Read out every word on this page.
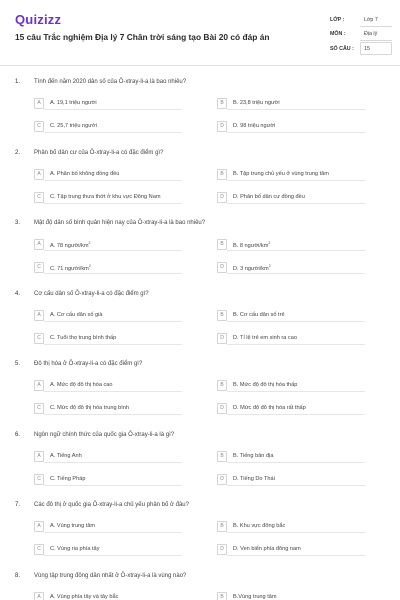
Quizizz
15 câu Trắc nghiệm Địa lý 7 Chân trời sáng tạo Bài 20 có đáp án
LỚP :	Lớp 7
MÔN :	Địa lý
SỐ CÂU : 15
1. Tính đến năm 2020 dân số của Ô-xtray-li-a là bao nhiêu?
A	A. 19,1 triệu người	B	B. 23,8 triệu người
C	C. 25,7 triệu người	D	D. 98 triệu người
2. Phân bố dân cư của Ô-xtray-li-a có đặc điểm gì?
A	A. Phân bố không đồng đều	B	B. Tập trung chủ yếu ở vùng trung tâm
C	C. Tập trung thưa thớt ở khu vực Đông Nam	D	D. Phân bố dân cư đồng đều
3. Mật độ dân số bình quân hiện nay của Ô-xtray-li-a là bao nhiêu?
A	A. 78 người/$km^2$	B	B. 8 người/$km^2$
C	C. 71 người/$km^2$	D	D. 3 người/$km^2$
4. Cơ cấu dân số Ô-xtray-li-a có đặc điểm gì?
A	A. Cơ cấu dân số già	B	B. Cơ cấu dân số trẻ
C	C. Tuổi thọ trung bình thấp	D	D. Tỉ lệ trẻ em sinh ra cao
5. Đô thị hóa ở Ô-xtray-li-a có đặc điểm gì?
A	A. Mức độ đô thị hóa cao	B	B. Mức độ đô thị hóa thấp
C	C. Mức độ đô thị hóa trung bình	D	D. Mức độ đô thị hóa rất thấp
6. Ngôn ngữ chính thức của quốc gia Ô-xtray-li-a là gì?
A	A. Tiếng Anh	B	B. Tiếng bản địa
C	C. Tiếng Pháp	D	D. Tiếng Do Thái
7. Các đô thị ở quốc gia Ô-xtray-li-a chủ yếu phân bố ở đâu?
A	A. Vùng trung tâm	B	B. Khu vực đông bắc
C	C. Vùng ria phía tây	D	D. Ven biển phía đông nam
8. Vùng tập trung đông dân nhất ở Ô-xtray-li-a là vùng nào?
A	A. Vùng phía tây và tây bắc	B	B.Vùng trung tâm
